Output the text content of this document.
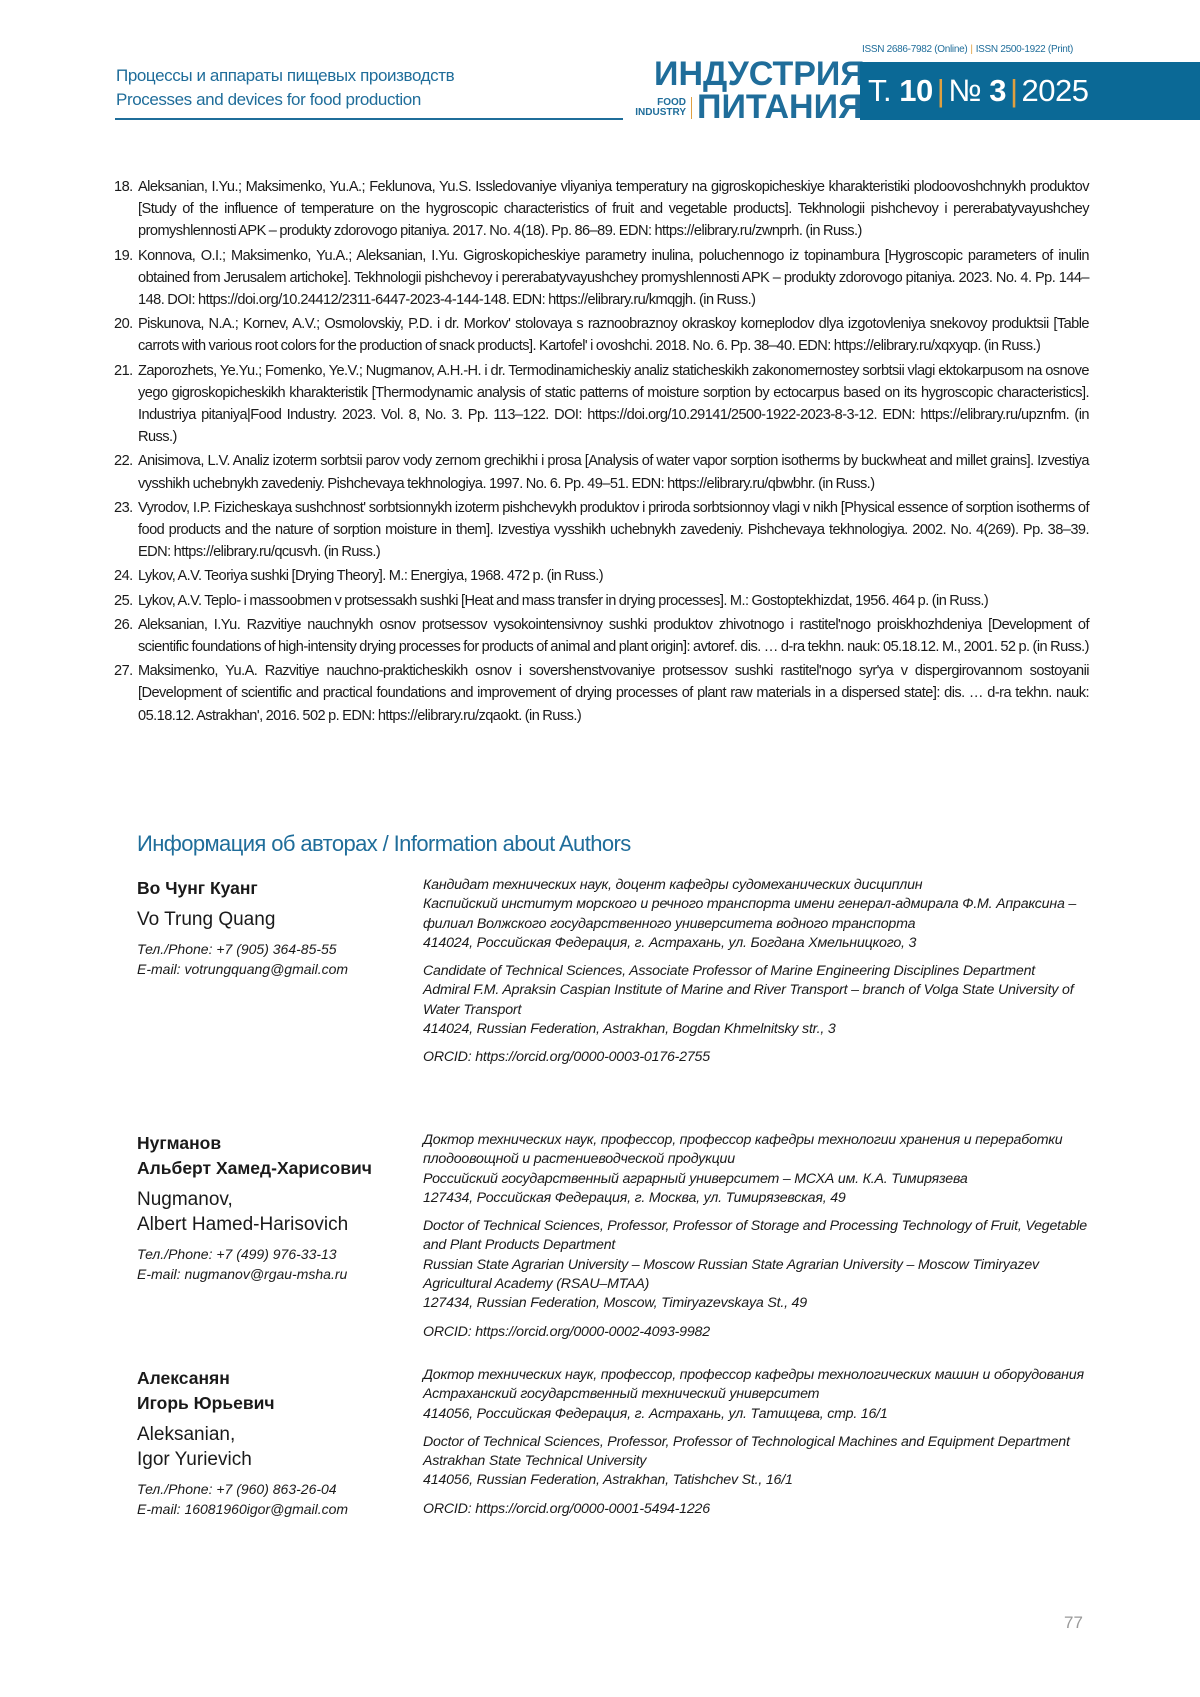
Процессы и аппараты пищевых производств
Processes and devices for food production
ISSN 2686-7982 (Online) | ISSN 2500-1922 (Print)
ИНДУСТРИЯ
FOOD
INDUSTRY ПИТАНИЯ Т. 10 | № 3 | 2025
18. Aleksanian, I.Yu.; Maksimenko, Yu.A.; Feklunova, Yu.S. Issledovaniye vliyaniya temperatury na gigroskopicheskiye kharakteristiki plodoovoshchnykh produktov [Study of the influence of temperature on the hygroscopic characteristics of fruit and vegetable products]. Tekhnologii pishchevoy i pererabatyvayushchey promyshlennosti APK – produkty zdorovogo pitaniya. 2017. No. 4(18). Pp. 86–89. EDN: https://elibrary.ru/zwnprh. (in Russ.)
19. Konnova, O.I.; Maksimenko, Yu.A.; Aleksanian, I.Yu. Gigroskopicheskiye parametry inulina, poluchennogo iz topinambura [Hygroscopic parameters of inulin obtained from Jerusalem artichoke]. Tekhnologii pishchevoy i pererabatyvayushchey promyshlennosti APK – produkty zdorovogo pitaniya. 2023. No. 4. Pp. 144–148. DOI: https://doi.org/10.24412/2311-6447-2023-4-144-148. EDN: https://elibrary.ru/kmqgjh. (in Russ.)
20. Piskunova, N.A.; Kornev, A.V.; Osmolovskiy, P.D. i dr. Morkov' stolovaya s raznoobraznoy okraskoy korneplodov dlya izgotovleniya snekovoy produktsii [Table carrots with various root colors for the production of snack products]. Kartofel' i ovoshchi. 2018. No. 6. Pp. 38–40. EDN: https://elibrary.ru/xqxyqp. (in Russ.)
21. Zaporozhets, Ye.Yu.; Fomenko, Ye.V.; Nugmanov, A.H.-H. i dr. Termodinamicheskiy analiz staticheskikh zakonomernostey sorbtsii vlagi ektokarpusom na osnove yego gigroskopicheskikh kharakteristik [Thermodynamic analysis of static patterns of moisture sorption by ectocarpus based on its hygroscopic characteristics]. Industriya pitaniya|Food Industry. 2023. Vol. 8, No. 3. Pp. 113–122. DOI: https://doi.org/10.29141/2500-1922-2023-8-3-12. EDN: https://elibrary.ru/upznfm. (in Russ.)
22. Anisimova, L.V. Analiz izoterm sorbtsii parov vody zernom grechikhi i prosa [Analysis of water vapor sorption isotherms by buckwheat and millet grains]. Izvestiya vysshikh uchebnykh zavedeniy. Pishchevaya tekhnologiya. 1997. No. 6. Pp. 49–51. EDN: https://elibrary.ru/qbwbhr. (in Russ.)
23. Vyrodov, I.P. Fizicheskaya sushchnost' sorbtsionnykh izoterm pishchevykh produktov i priroda sorbtsionnoy vlagi v nikh [Physical essence of sorption isotherms of food products and the nature of sorption moisture in them]. Izvestiya vysshikh uchebnykh zavedeniy. Pishchevaya tekhnologiya. 2002. No. 4(269). Pp. 38–39. EDN: https://elibrary.ru/qcusvh. (in Russ.)
24. Lykov, A.V. Teoriya sushki [Drying Theory]. M.: Energiya, 1968. 472 p. (in Russ.)
25. Lykov, A.V. Teplo- i massoobmen v protsessakh sushki [Heat and mass transfer in drying processes]. M.: Gostoptekhizdat, 1956. 464 p. (in Russ.)
26. Aleksanian, I.Yu. Razvitiye nauchnykh osnov protsessov vysokointensivnoy sushki produktov zhivotnogo i rastitel'nogo proiskhozhdeniya [Development of scientific foundations of high-intensity drying processes for products of animal and plant origin]: avtoref. dis. … d-ra tekhn. nauk: 05.18.12. M., 2001. 52 p. (in Russ.)
27. Maksimenko, Yu.A. Razvitiye nauchno-prakticheskikh osnov i sovershenstvovaniye protsessov sushki rastitel'nogo syr'ya v dispergirovannom sostoyanii [Development of scientific and practical foundations and improvement of drying processes of plant raw materials in a dispersed state]: dis. … d-ra tekhn. nauk: 05.18.12. Astrakhan', 2016. 502 p. EDN: https://elibrary.ru/zqaokt. (in Russ.)
Информация об авторах / Information about Authors
Во Чунг Куанг
Vo Trung Quang
Тел./Phone: +7 (905) 364-85-55
E-mail: votrungquang@gmail.com

Кандидат технических наук, доцент кафедры судомеханических дисциплин
Каспийский институт морского и речного транспорта имени генерал-адмирала Ф.М. Апраксина – филиал Волжского государственного университета водного транспорта
414024, Российская Федерация, г. Астрахань, ул. Богдана Хмельницкого, 3

Candidate of Technical Sciences, Associate Professor of Marine Engineering Disciplines Department
Admiral F.M. Apraksin Caspian Institute of Marine and River Transport – branch of Volga State University of Water Transport
414024, Russian Federation, Astrakhan, Bogdan Khmelnitsky str., 3

ORCID: https://orcid.org/0000-0003-0176-2755

Нугманов
Альберт Хамед-Харисович
Nugmanov,
Albert Hamed-Harisovich
Тел./Phone: +7 (499) 976-33-13
E-mail: nugmanov@rgau-msha.ru

Доктор технических наук, профессор, профессор кафедры технологии хранения и переработки плодоовощной и растениеводческой продукции
Российский государственный аграрный университет – МСХА им. К.А. Тимирязева
127434, Российская Федерация, г. Москва, ул. Тимирязевская, 49

Doctor of Technical Sciences, Professor, Professor of Storage and Processing Technology of Fruit, Vegetable and Plant Products Department
Russian State Agrarian University – Moscow Russian State Agrarian University – Moscow Timiryazev Agricultural Academy (RSAU–MTAA)
127434, Russian Federation, Moscow, Timiryazevskaya St., 49

ORCID: https://orcid.org/0000-0002-4093-9982

Алексанян
Игорь Юрьевич
Aleksanian,
Igor Yurievich
Тел./Phone: +7 (960) 863-26-04
E-mail: 16081960igor@gmail.com

Доктор технических наук, профессор, профессор кафедры технологических машин и оборудования
Астраханский государственный технический университет
414056, Российская Федерация, г. Астрахань, ул. Татищева, стр. 16/1

Doctor of Technical Sciences, Professor, Professor of Technological Machines and Equipment Department
Astrakhan State Technical University
414056, Russian Federation, Astrakhan, Tatishchev St., 16/1

ORCID: https://orcid.org/0000-0001-5494-1226

77
